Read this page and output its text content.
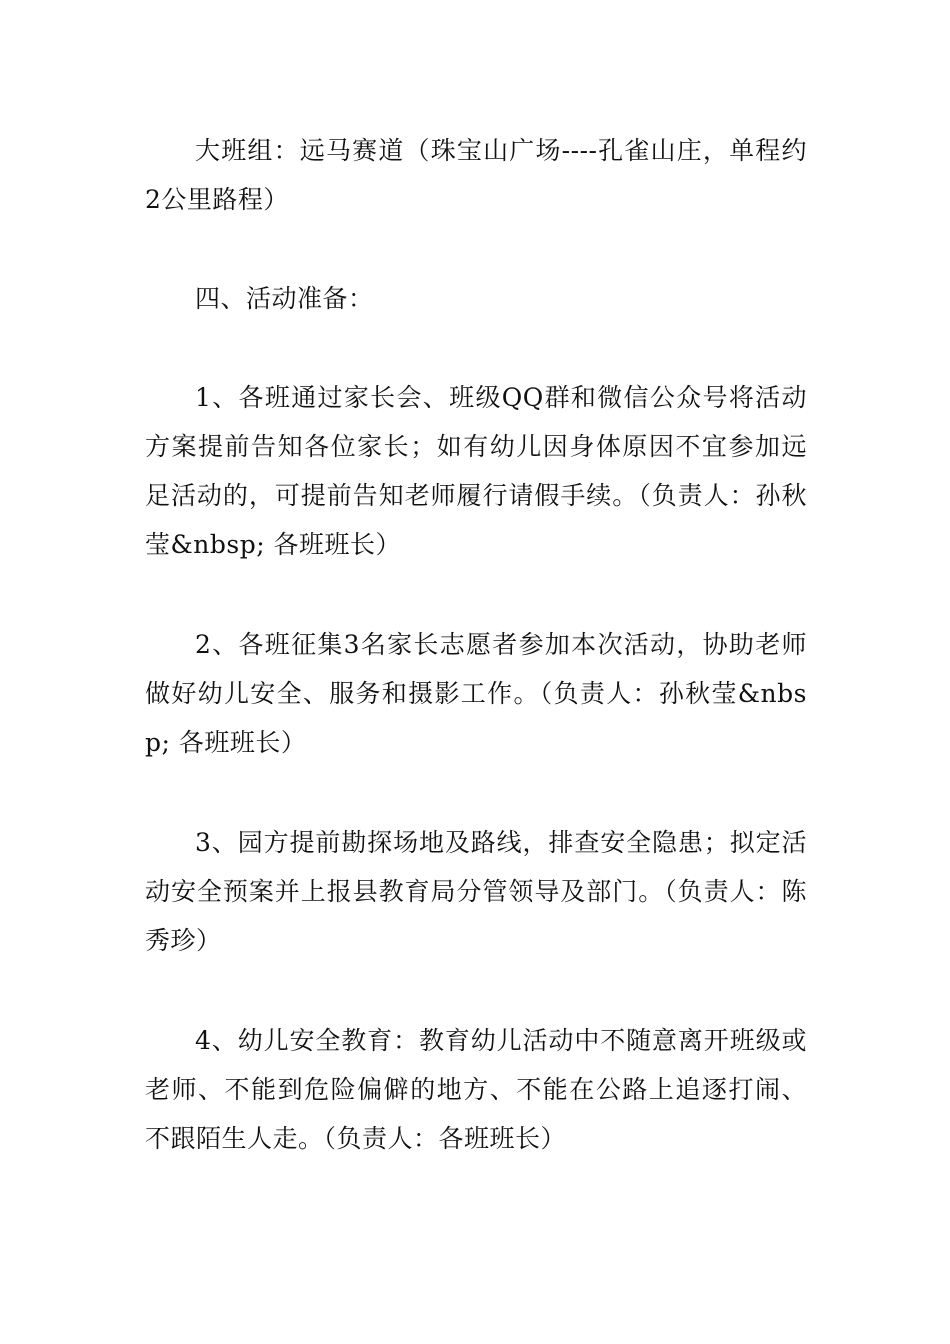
大班组：远马赛道（珠宝山广场----孔雀山庄，单程约2公里路程）

四、活动准备：

1、各班通过家长会、班级QQ群和微信公众号将活动方案提前告知各位家长；如有幼儿因身体原因不宜参加远足活动的，可提前告知老师履行请假手续。（负责人：孙秋莹&nbsp; 各班班长）

2、各班征集3名家长志愿者参加本次活动，协助老师做好幼儿安全、服务和摄影工作。（负责人：孙秋莹&nbsp; 各班班长）

3、园方提前勘探场地及路线，排查安全隐患；拟定活动安全预案并上报县教育局分管领导及部门。（负责人：陈秀珍）

4、幼儿安全教育：教育幼儿活动中不随意离开班级或老师、不能到危险偏僻的地方、不能在公路上追逐打闹、不跟陌生人走。（负责人：各班班长）
